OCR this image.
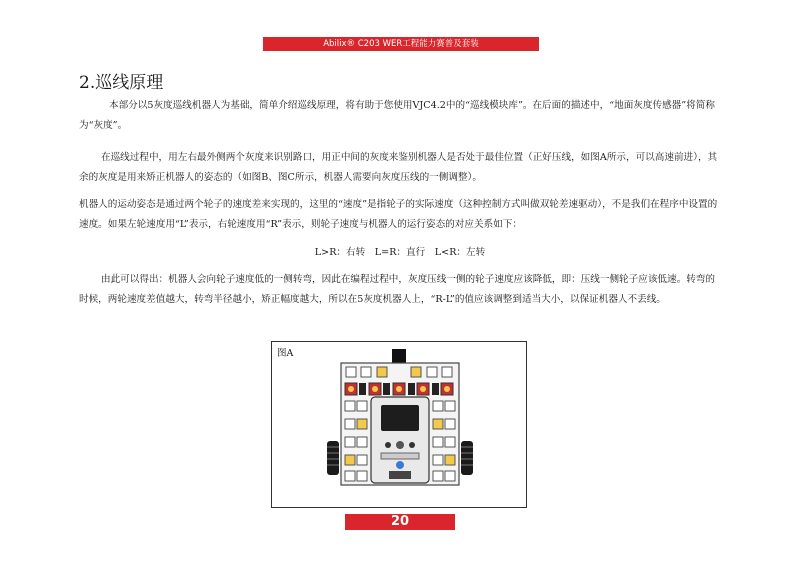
Abilix® C203 WER工程能力赛普及套装
2.巡线原理

本部分以5灰度巡线机器人为基础，简单介绍巡线原理，将有助于您使用VJC4.2中的“巡线模块库”。在后面的描述中，“地面灰度传感器”将简称为“灰度”。

在巡线过程中，用左右最外侧两个灰度来识别路口，用正中间的灰度来鉴别机器人是否处于最佳位置（正好压线，如图A所示，可以高速前进），其余的灰度是用来矫正机器人的姿态的（如图B、图C所示，机器人需要向灰度压线的一侧调整）。

机器人的运动姿态是通过两个轮子的速度差来实现的，这里的“速度”是指轮子的实际速度（这种控制方式叫做双轮差速驱动），不是我们在程序中设置的速度。如果左轮速度用“L”表示，右轮速度用“R”表示，则轮子速度与机器人的运行姿态的对应关系如下：

L>R：右转　L=R：直行　L<R：左转

由此可以得出：机器人会向轮子速度低的一侧转弯，因此在编程过程中，灰度压线一侧的轮子速度应该降低，即：压线一侧轮子应该低速。转弯的时候，两轮速度差值越大，转弯半径越小，矫正幅度越大，所以在5灰度机器人上，“R-L”的值应该调整到适当大小，以保证机器人不丢线。

图A
20
